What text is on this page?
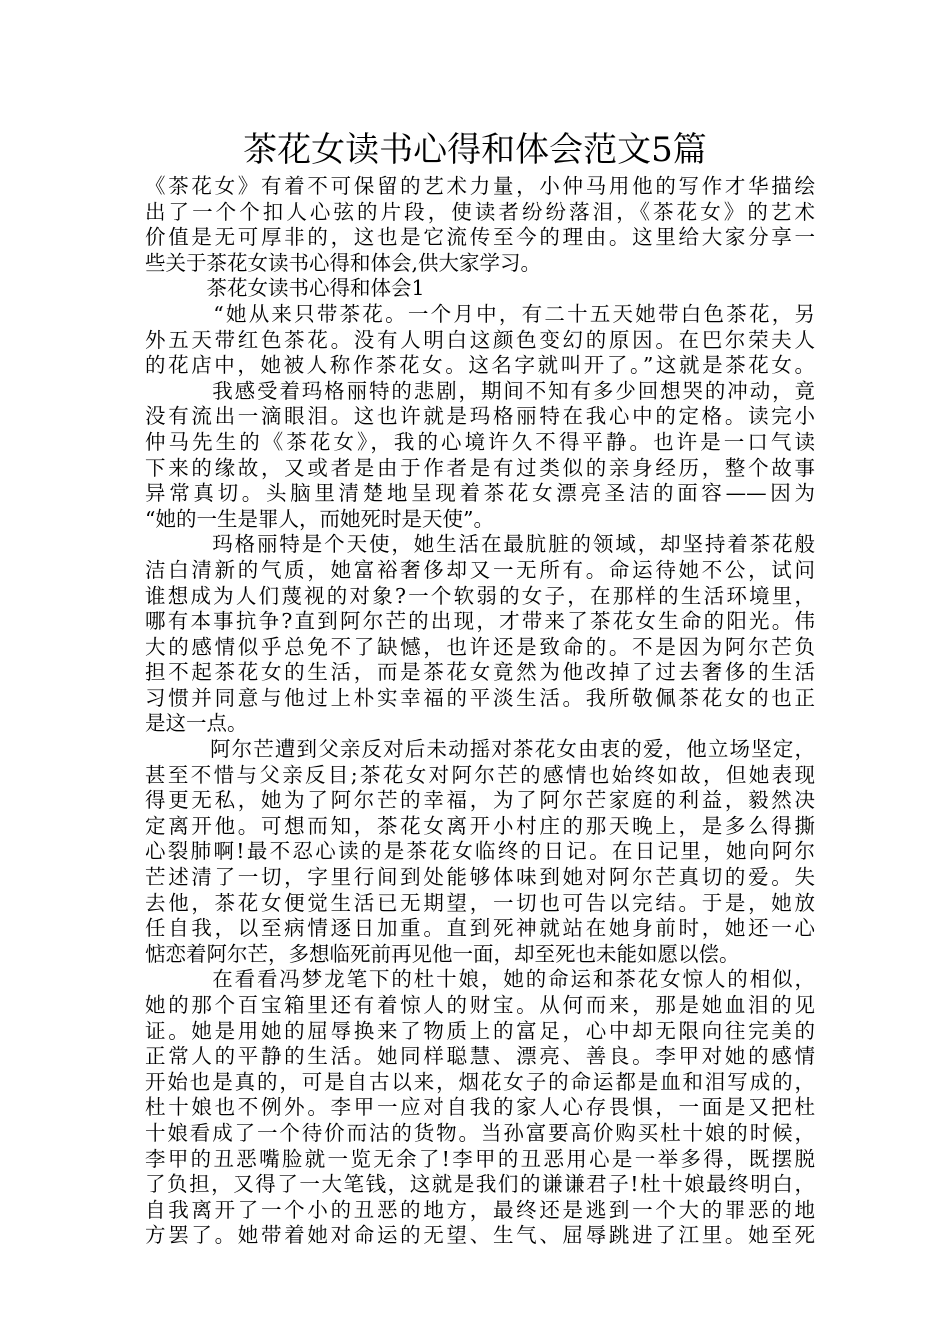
茶花女读书心得和体会范文5篇
《茶花女》有着不可保留的艺术力量，小仲马用他的写作才华描绘
出了一个个扣人心弦的片段，使读者纷纷落泪，《茶花女》的艺术
价值是无可厚非的，这也是它流传至今的理由。这里给大家分享一
些关于茶花女读书心得和体会,供大家学习。
　　　茶花女读书心得和体会1
　　　“她从来只带茶花。一个月中，有二十五天她带白色茶花，另
外五天带红色茶花。没有人明白这颜色变幻的原因。在巴尔荣夫人
的花店中，她被人称作茶花女。这名字就叫开了。”这就是茶花女。
　　　我感受着玛格丽特的悲剧，期间不知有多少回想哭的冲动，竟
没有流出一滴眼泪。这也许就是玛格丽特在我心中的定格。读完小
仲马先生的《茶花女》，我的心境许久不得平静。也许是一口气读
下来的缘故，又或者是由于作者是有过类似的亲身经历，整个故事
异常真切。头脑里清楚地呈现着茶花女漂亮圣洁的面容——因为
“她的一生是罪人，而她死时是天使”。
　　　玛格丽特是个天使，她生活在最肮脏的领域，却坚持着茶花般
洁白清新的气质，她富裕奢侈却又一无所有。命运待她不公，试问
谁想成为人们蔑视的对象?一个软弱的女子，在那样的生活环境里，
哪有本事抗争?直到阿尔芒的出现，才带来了茶花女生命的阳光。伟
大的感情似乎总免不了缺憾，也许还是致命的。不是因为阿尔芒负
担不起茶花女的生活，而是茶花女竟然为他改掉了过去奢侈的生活
习惯并同意与他过上朴实幸福的平淡生活。我所敬佩茶花女的也正
是这一点。
　　　阿尔芒遭到父亲反对后未动摇对茶花女由衷的爱，他立场坚定，
甚至不惜与父亲反目;茶花女对阿尔芒的感情也始终如故，但她表现
得更无私，她为了阿尔芒的幸福，为了阿尔芒家庭的利益，毅然决
定离开他。可想而知，茶花女离开小村庄的那天晚上，是多么得撕
心裂肺啊!最不忍心读的是茶花女临终的日记。在日记里，她向阿尔
芒述清了一切，字里行间到处能够体味到她对阿尔芒真切的爱。失
去他，茶花女便觉生活已无期望，一切也可告以完结。于是，她放
任自我，以至病情逐日加重。直到死神就站在她身前时，她还一心
惦恋着阿尔芒，多想临死前再见他一面，却至死也未能如愿以偿。
　　　在看看冯梦龙笔下的杜十娘，她的命运和茶花女惊人的相似，
她的那个百宝箱里还有着惊人的财宝。从何而来，那是她血泪的见
证。她是用她的屈辱换来了物质上的富足，心中却无限向往完美的
正常人的平静的生活。她同样聪慧、漂亮、善良。李甲对她的感情
开始也是真的，可是自古以来，烟花女子的命运都是血和泪写成的，
杜十娘也不例外。李甲一应对自我的家人心存畏惧，一面是又把杜
十娘看成了一个待价而沽的货物。当孙富要高价购买杜十娘的时候，
李甲的丑恶嘴脸就一览无余了!李甲的丑恶用心是一举多得，既摆脱
了负担，又得了一大笔钱，这就是我们的谦谦君子!杜十娘最终明白，
自我离开了一个小的丑恶的地方，最终还是逃到一个大的罪恶的地
方罢了。她带着她对命运的无望、生气、屈辱跳进了江里。她至死
